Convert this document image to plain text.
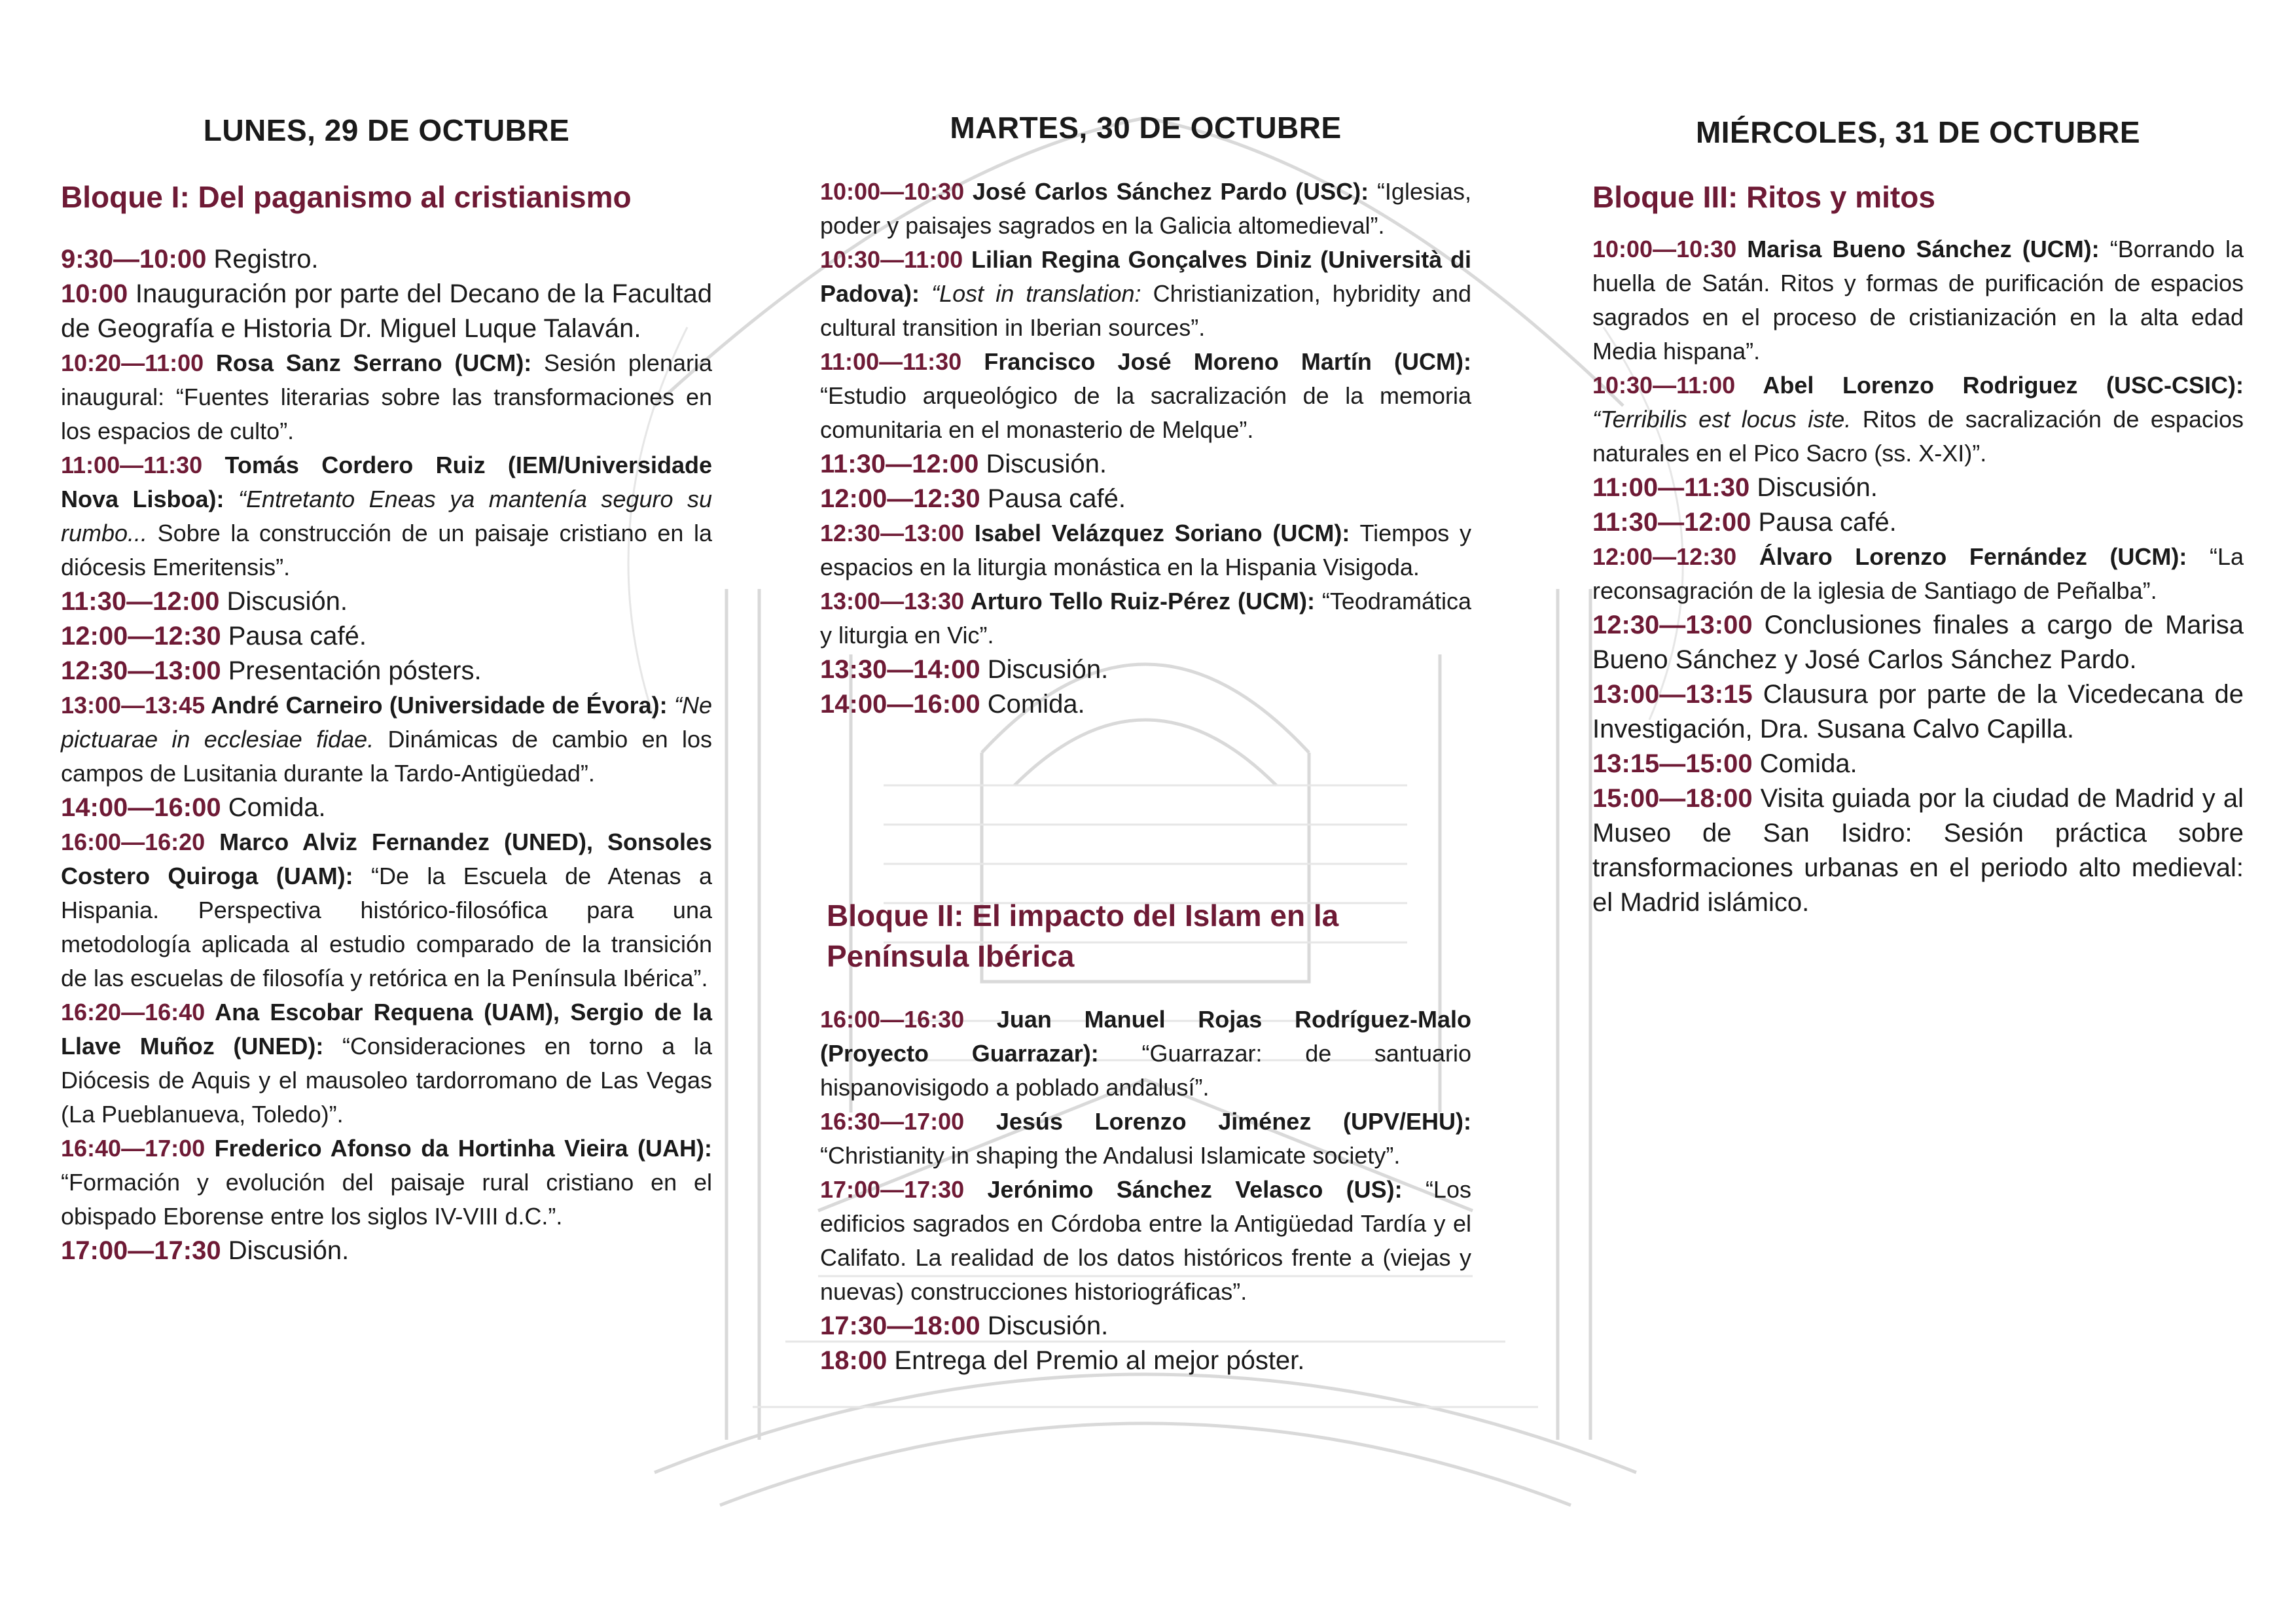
LUNES, 29 DE OCTUBRE
Bloque I: Del paganismo al cristianismo

9:30—10:00 Registro.

10:00 Inauguración por parte del Decano de la Facultad de Geografía e Historia Dr. Miguel Luque Talaván.

10:20—11:00 Rosa Sanz Serrano (UCM): Sesión plenaria inaugural: “Fuentes literarias sobre las transformaciones en los espacios de culto”.

11:00—11:30 Tomás Cordero Ruiz (IEM/Universidade Nova Lisboa): “Entretanto Eneas ya mantenía seguro su rumbo... Sobre la construcción de un paisaje cristiano en la diócesis Emeritensis”.

11:30—12:00 Discusión.

12:00—12:30 Pausa café.

12:30—13:00 Presentación pósters.

13:00—13:45 André Carneiro (Universidade de Évora): “Ne pictuarae in ecclesiae fidae. Dinámicas de cambio en los campos de Lusitania durante la Tardo-Antigüedad”.

14:00—16:00 Comida.

16:00—16:20 Marco Alviz Fernandez (UNED), Sonsoles Costero Quiroga (UAM): “De la Escuela de Atenas a Hispania. Perspectiva histórico-filosófica para una metodología aplicada al estudio comparado de la transición de las escuelas de filosofía y retórica en la Península Ibérica”.

16:20—16:40 Ana Escobar Requena (UAM), Sergio de la Llave Muñoz (UNED): “Consideraciones en torno a la Diócesis de Aquis y el mausoleo tardorromano de Las Vegas (La Pueblanueva, Toledo)”.

16:40—17:00 Frederico Afonso da Hortinha Vieira (UAH): “Formación y evolución del paisaje rural cristiano en el obispado Eborense entre los siglos IV-VIII d.C.”.

17:00—17:30 Discusión.

MARTES, 30 DE OCTUBRE

10:00—10:30 José Carlos Sánchez Pardo (USC): “Iglesias, poder y paisajes sagrados en la Galicia altomedieval”.

10:30—11:00 Lilian Regina Gonçalves Diniz (Università di Padova): “Lost in translation: Christianization, hybridity and cultural transition in Iberian sources”.

11:00—11:30 Francisco José Moreno Martín (UCM): “Estudio arqueológico de la sacralización de la memoria comunitaria en el monasterio de Melque”.

11:30—12:00 Discusión.

12:00—12:30 Pausa café.

12:30—13:00 Isabel Velázquez Soriano (UCM): Tiempos y espacios en la liturgia monástica en la Hispania Visigoda.

13:00—13:30 Arturo Tello Ruiz-Pérez (UCM): “Teodramática y liturgia en Vic”.

13:30—14:00 Discusión.

14:00—16:00 Comida.

Bloque II: El impacto del Islam en la Península Ibérica

16:00—16:30 Juan Manuel Rojas Rodríguez-Malo (Proyecto Guarrazar): “Guarrazar: de santuario hispanovisigodo a poblado andalusí”.

16:30—17:00 Jesús Lorenzo Jiménez (UPV/EHU): “Christianity in shaping the Andalusi Islamicate society”.

17:00—17:30 Jerónimo Sánchez Velasco (US): “Los edificios sagrados en Córdoba entre la Antigüedad Tardía y el Califato. La realidad de los datos históricos frente a (viejas y nuevas) construcciones historiográficas”.

17:30—18:00 Discusión.

18:00 Entrega del Premio al mejor póster.

MIÉRCOLES, 31 DE OCTUBRE
Bloque III: Ritos y mitos

10:00—10:30 Marisa Bueno Sánchez (UCM): “Borrando la huella de Satán. Ritos y formas de purificación de espacios sagrados en el proceso de cristianización en la alta edad Media hispana”.

10:30—11:00 Abel Lorenzo Rodriguez (USC-CSIC): “Terribilis est locus iste. Ritos de sacralización de espacios naturales en el Pico Sacro (ss. X-XI)”.

11:00—11:30 Discusión.

11:30—12:00 Pausa café.

12:00—12:30 Álvaro Lorenzo Fernández (UCM): “La reconsagración de la iglesia de Santiago de Peñalba”.

12:30—13:00 Conclusiones finales a cargo de Marisa Bueno Sánchez y José Carlos Sánchez Pardo.

13:00—13:15 Clausura por parte de la Vicedecana de Investigación, Dra. Susana Calvo Capilla.

13:15—15:00 Comida.

15:00—18:00 Visita guiada por la ciudad de Madrid y al Museo de San Isidro: Sesión práctica sobre transformaciones urbanas en el periodo alto medieval: el Madrid islámico.
